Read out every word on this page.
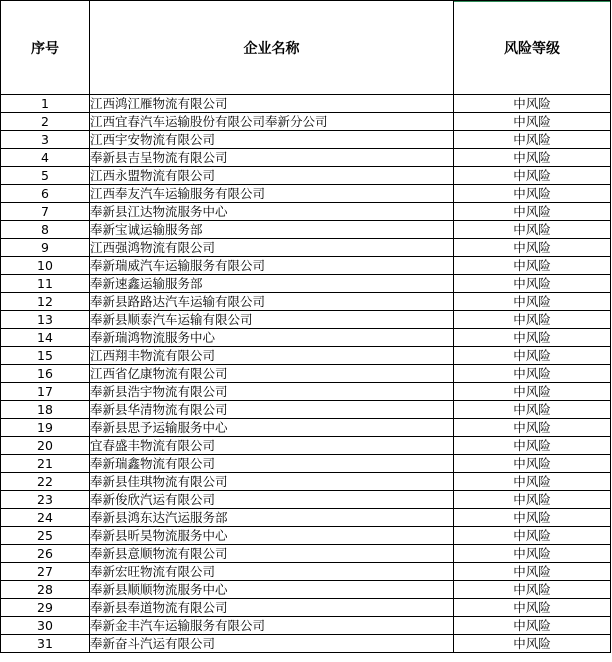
序号	企业名称	风险等级
1	江西鸿江雁物流有限公司	中风险
2	江西宜春汽车运输股份有限公司奉新分公司	中风险
3	江西宇安物流有限公司	中风险
4	奉新县吉呈物流有限公司	中风险
5	江西永盟物流有限公司	中风险
6	江西奉友汽车运输服务有限公司	中风险
7	奉新县江达物流服务中心	中风险
8	奉新宝诚运输服务部	中风险
9	江西强鸿物流有限公司	中风险
10	奉新瑞威汽车运输服务有限公司	中风险
11	奉新速鑫运输服务部	中风险
12	奉新县路路达汽车运输有限公司	中风险
13	奉新县顺泰汽车运输有限公司	中风险
14	奉新瑞鸿物流服务中心	中风险
15	江西翔丰物流有限公司	中风险
16	江西省亿康物流有限公司	中风险
17	奉新县浩宇物流有限公司	中风险
18	奉新县华清物流有限公司	中风险
19	奉新县思予运输服务中心	中风险
20	宜春盛丰物流有限公司	中风险
21	奉新瑞鑫物流有限公司	中风险
22	奉新县佳琪物流有限公司	中风险
23	奉新俊欣汽运有限公司	中风险
24	奉新县鸿东达汽运服务部	中风险
25	奉新县昕昊物流服务中心	中风险
26	奉新县意顺物流有限公司	中风险
27	奉新宏旺物流有限公司	中风险
28	奉新县顺顺物流服务中心	中风险
29	奉新县奉道物流有限公司	中风险
30	奉新金丰汽车运输服务有限公司	中风险
31	奉新奋斗汽运有限公司	中风险
